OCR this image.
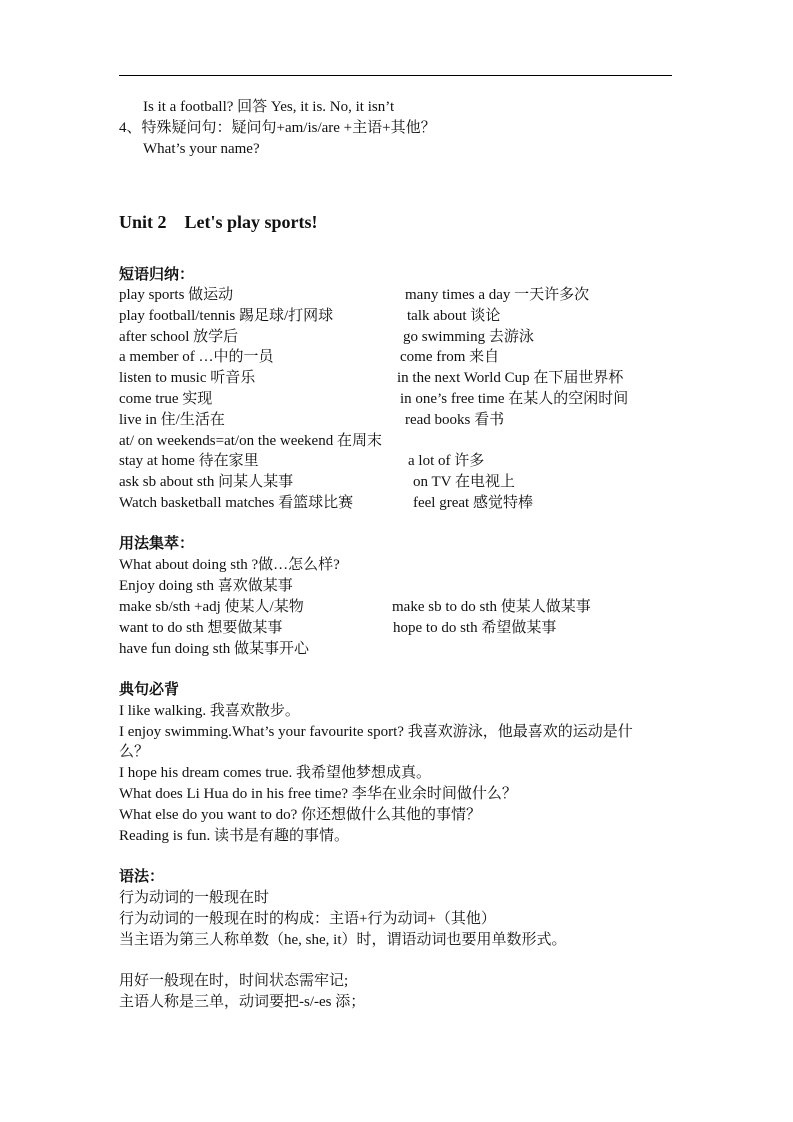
Is it a football? 回答 Yes, it is. No, it isn’t
4、特殊疑问句：疑问句+am/is/are +主语+其他？
What’s your name?
Unit 2    Let's play sports!
短语归纳：
play sports 做运动	many times a day 一天许多次
play football/tennis 踢足球/打网球	talk about 谈论
after school 放学后	go swimming 去游泳
a member of …中的一员	come from 来自
listen to music 听音乐	in the next World Cup 在下届世界杯
come true 实现	in one’s free time 在某人的空闲时间
live in 住/生活在	read books 看书
at/ on weekends=at/on the weekend 在周末
stay at home 待在家里	a lot of 许多
ask sb about sth 问某人某事	on TV 在电视上
Watch basketball matches 看篮球比赛	feel great 感觉特棒
用法集萃：
What about doing sth ?做…怎么样?
Enjoy doing sth 喜欢做某事
make sb/sth +adj 使某人/某物	make sb to do sth 使某人做某事
want to do sth 想要做某事	hope to do sth 希望做某事
have fun doing sth 做某事开心
典句必背
I like walking. 我喜欢散步。
I enjoy swimming.What’s your favourite sport? 我喜欢游泳，他最喜欢的运动是什
么？
I hope his dream comes true. 我希望他梦想成真。
What does Li Hua do in his free time? 李华在业余时间做什么？
What else do you want to do? 你还想做什么其他的事情？
Reading is fun. 读书是有趣的事情。
语法：
行为动词的一般现在时
行为动词的一般现在时的构成：主语+行为动词+（其他）
当主语为第三人称单数（he, she, it）时，谓语动词也要用单数形式。
用好一般现在时，时间状态需牢记;
主语人称是三单，动词要把-s/-es 添；
